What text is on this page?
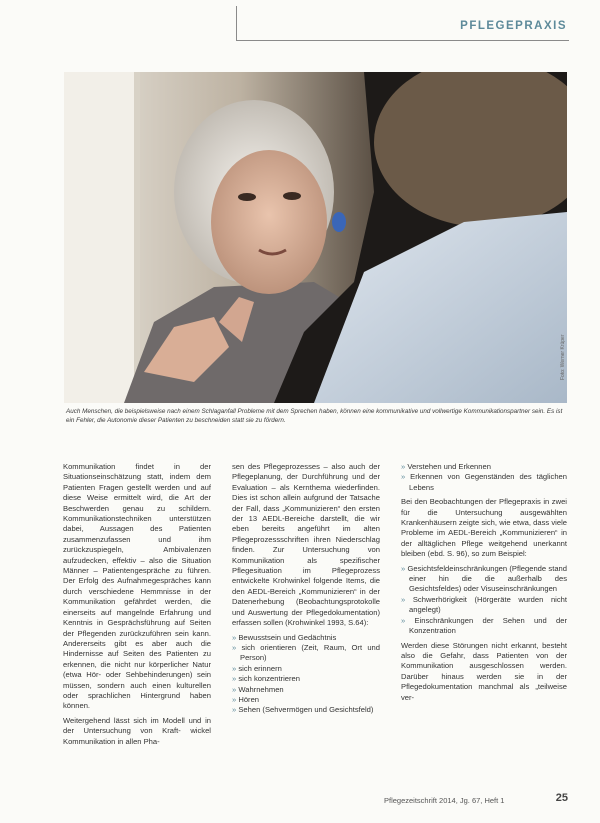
PFLEGEPRAXIS
Foto: Werner Krüper
Auch Menschen, die beispielsweise nach einem Schlaganfall Probleme mit dem Sprechen haben, können eine kommunikative und vollwertige Kommunikationspartner sein. Es ist ein Fehler, die Autonomie dieser Patienten zu beschneiden statt sie zu fördern.

Kommunikation findet in der Situationseinschätzung statt, indem dem Patienten Fragen gestellt werden und auf diese Weise ermittelt wird, die Art der Beschwerden genau zu schildern. Kommunikationstechniken unterstützen dabei, Aussagen des Patienten zusammenzufassen und ihm zurückzuspiegeln, Ambivalenzen aufzudecken, effektiv – also die Situation Männer – Patientengespräche zu führen. Der Erfolg des Aufnahmegespräches kann durch verschiedene Hemmnisse in der Kommunikation gefährdet werden, die einerseits auf mangelnde Erfahrung und Kenntnis in Gesprächsführung auf Seiten der Pflegenden zurückzuführen sein kann. Andererseits gibt es aber auch die Hindernisse auf Seiten des Patienten zu erkennen, die nicht nur körperlicher Natur (etwa Hör- oder Sehbehinderungen) sein müssen, sondern auch einen kulturellen oder sprachlichen Hintergrund haben können.

Weitergehend lässt sich im Modell und in der Untersuchung von Kraft- wickel Kommunikation in allen Pha-

sen des Pflegeprozesses – also auch der Pflegeplanung, der Durchführung und der Evaluation – als Kernthema wiederfinden. Dies ist schon allein aufgrund der Tatsache der Fall, dass „Kommunizieren“ den ersten der 13 AEDL-Bereiche darstellt, die wir eben bereits angeführt im alten Pflegeprozessschriften ihren Niederschlag finden. Zur Untersuchung von Kommunikation als spezifischer Pflegesituation im Pflegeprozess entwickelte Krohwinkel folgende Items, die den AEDL-Bereich „Kommunizieren“ in der Datenerhebung (Beobachtungsprotokolle und Auswertung der Pflegedokumentation) erfassen sollen (Krohwinkel 1993, S.64):

» Bewusstsein und Gedächtnis
» sich orientieren (Zeit, Raum, Ort und Person)
» sich erinnern
» sich konzentrieren
» Wahrnehmen
» Hören
» Sehen (Sehvermögen und Gesichtsfeld)
» Verstehen und Erkennen
» Erkennen von Gegenständen des täglichen Lebens

Bei den Beobachtungen der Pflegepraxis in zwei für die Untersuchung ausgewählten Krankenhäusern zeigte sich, wie etwa, dass viele Probleme im AEDL-Bereich „Kommunizieren“ in der alltäglichen Pflege weitgehend unerkannt bleiben (ebd. S. 96), so zum Beispiel:

» Gesichtsfeldeinschränkungen (Pflegende stand einer hin die die außerhalb des Gesichtsfeldes) oder Visuseinschränkungen
» Schwerhörigkeit (Hörgeräte wurden nicht angelegt)
» Einschränkungen der Sehen und der Konzentration

Werden diese Störungen nicht erkannt, besteht also die Gefahr, dass Patienten von der Kommunikation ausgeschlossen werden. Darüber hinaus werden sie in der Pflegedokumentation manchmal als „teilweise ver-

Pflegezeitschrift 2014, Jg. 67, Heft 1	25
